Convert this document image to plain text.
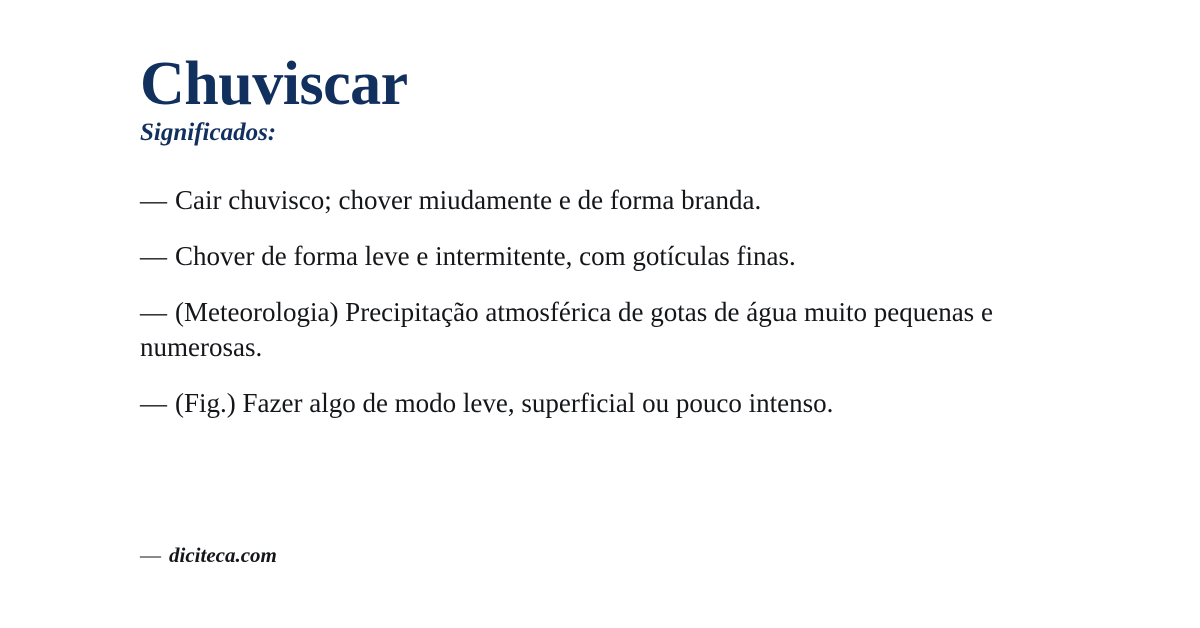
Chuviscar
Significados:
— Cair chuvisco; chover miudamente e de forma branda.
— Chover de forma leve e intermitente, com gotículas finas.
— (Meteorologia) Precipitação atmosférica de gotas de água muito pequenas e numerosas.
— (Fig.) Fazer algo de modo leve, superficial ou pouco intenso.
— diciteca.com
